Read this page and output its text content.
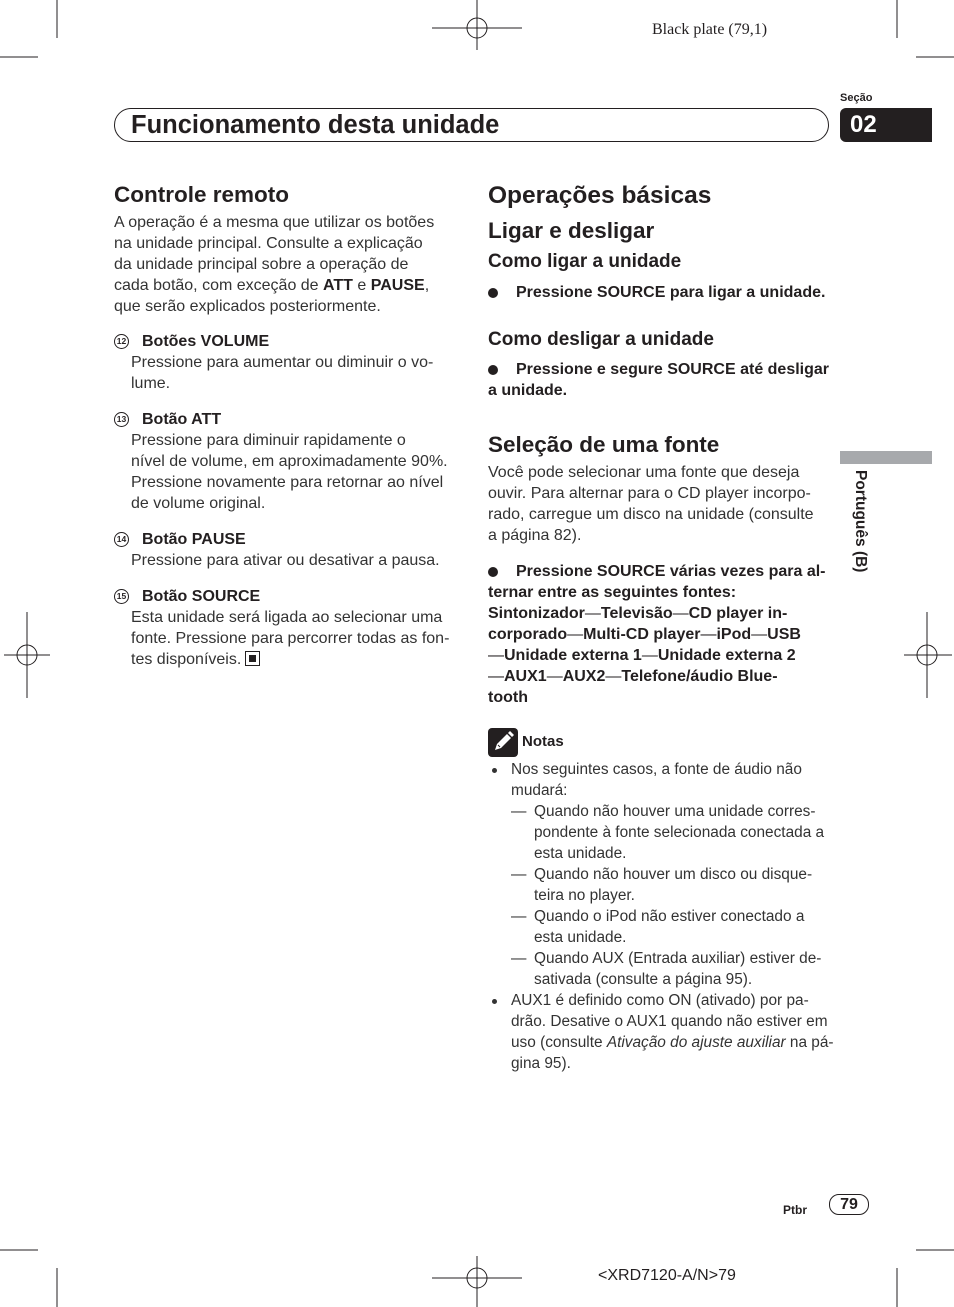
Black plate (79,1)
Seção
Funcionamento desta unidade	02
Português (B)
Controle remoto
A operação é a mesma que utilizar os botões
na unidade principal. Consulte a explicação
da unidade principal sobre a operação de
cada botão, com exceção de ATT e PAUSE,
que serão explicados posteriormente.
12 Botões VOLUME
Pressione para aumentar ou diminuir o vo-
lume.
13 Botão ATT
Pressione para diminuir rapidamente o
nível de volume, em aproximadamente 90%.
Pressione novamente para retornar ao nível
de volume original.
14 Botão PAUSE
Pressione para ativar ou desativar a pausa.
15 Botão SOURCE
Esta unidade será ligada ao selecionar uma
fonte. Pressione para percorrer todas as fon-
tes disponíveis.
Operações básicas
Ligar e desligar
Como ligar a unidade
Pressione SOURCE para ligar a unidade.
Como desligar a unidade
Pressione e segure SOURCE até desligar
a unidade.
Seleção de uma fonte
Você pode selecionar uma fonte que deseja
ouvir. Para alternar para o CD player incorpo-
rado, carregue um disco na unidade (consulte
a página 82).
Pressione SOURCE várias vezes para al-
ternar entre as seguintes fontes:
Sintonizador—Televisão—CD player in-
corporado—Multi-CD player—iPod—USB
—Unidade externa 1—Unidade externa 2
—AUX1—AUX2—Telefone/áudio Blue-
tooth
Notas
Nos seguintes casos, a fonte de áudio não
mudará:
— Quando não houver uma unidade corres-
pondente à fonte selecionada conectada a
esta unidade.
— Quando não houver um disco ou disque-
teira no player.
— Quando o iPod não estiver conectado a
esta unidade.
— Quando AUX (Entrada auxiliar) estiver de-
sativada (consulte a página 95).
AUX1 é definido como ON (ativado) por pa-
drão. Desative o AUX1 quando não estiver em
uso (consulte Ativação do ajuste auxiliar na pá-
gina 95).
Ptbr	79
<XRD7120-A/N>79
